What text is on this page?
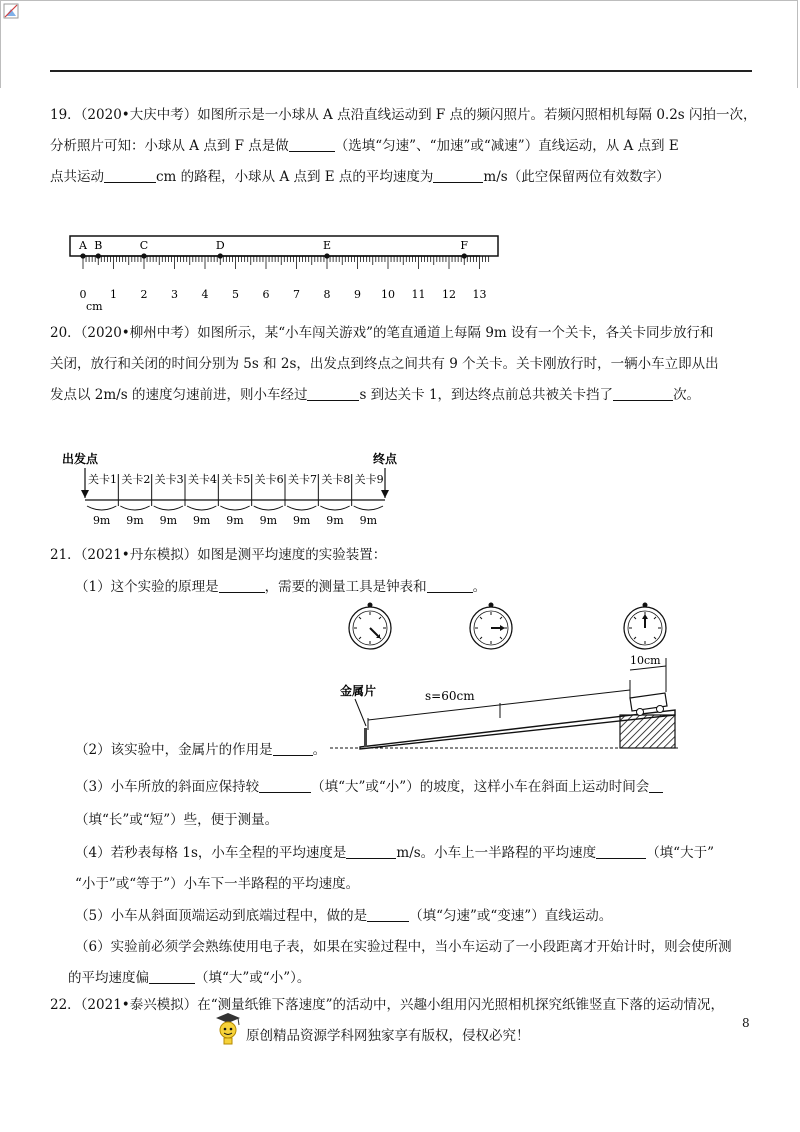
19．（2020•大庆中考）如图所示是一小球从 A 点沿直线运动到 F 点的频闪照片。若频闪照相机每隔 0.2s 闪拍一次，
分析照片可知：小球从 A 点到 F 点是做	（选填“匀速”、“加速”或“减速”）直线运动，从 A 点到 E
点共运动	cm 的路程，小球从 A 点到 E 点的平均速度为	m/s（此空保留两位有效数字）
A B	C	D	E	F
0 1 2 3 4 5 6 7 8 9 10 11 12 13
cm
20．（2020•柳州中考）如图所示，某“小车闯关游戏”的笔直通道上每隔 9m 设有一个关卡，各关卡同步放行和
关闭，放行和关闭的时间分别为 5s 和 2s，出发点到终点之间共有 9 个关卡。关卡刚放行时，一辆小车立即从出
发点以 2m/s 的速度匀速前进，则小车经过	s 到达关卡 1，到达终点前总共被关卡挡了	次。
出发点	终点
关卡1
9m
关卡2
9m
关卡3
9m
关卡4
9m
关卡5
9m
关卡6
9m
关卡7
9m
关卡8
9m
关卡9
9m
21．（2021•丹东模拟）如图是测平均速度的实验装置：
（1）这个实验的原理是	，需要的测量工具是钟表和	。
金属片	s=60cm
10cm
（2）该实验中，金属片的作用是	。
（3）小车所放的斜面应保持较	（填“大”或“小”）的坡度，这样小车在斜面上运动时间会
（填“长”或“短”）些，便于测量。
（4）若秒表每格 1s，小车全程的平均速度是	m/s。小车上一半路程的平均速度	（填“大于”
“小于”或“等于”）小车下一半路程的平均速度。
（5）小车从斜面顶端运动到底端过程中，做的是	（填“匀速”或“变速”）直线运动。
（6）实验前必须学会熟练使用电子表，如果在实验过程中，当小车运动了一小段距离才开始计时，则会使所测
的平均速度偏	（填“大”或“小”）。
22．（2021•泰兴模拟）在“测量纸锥下落速度”的活动中，兴趣小组用闪光照相机探究纸锥竖直下落的运动情况，
原创精品资源学科网独家享有版权，侵权必究！
8
